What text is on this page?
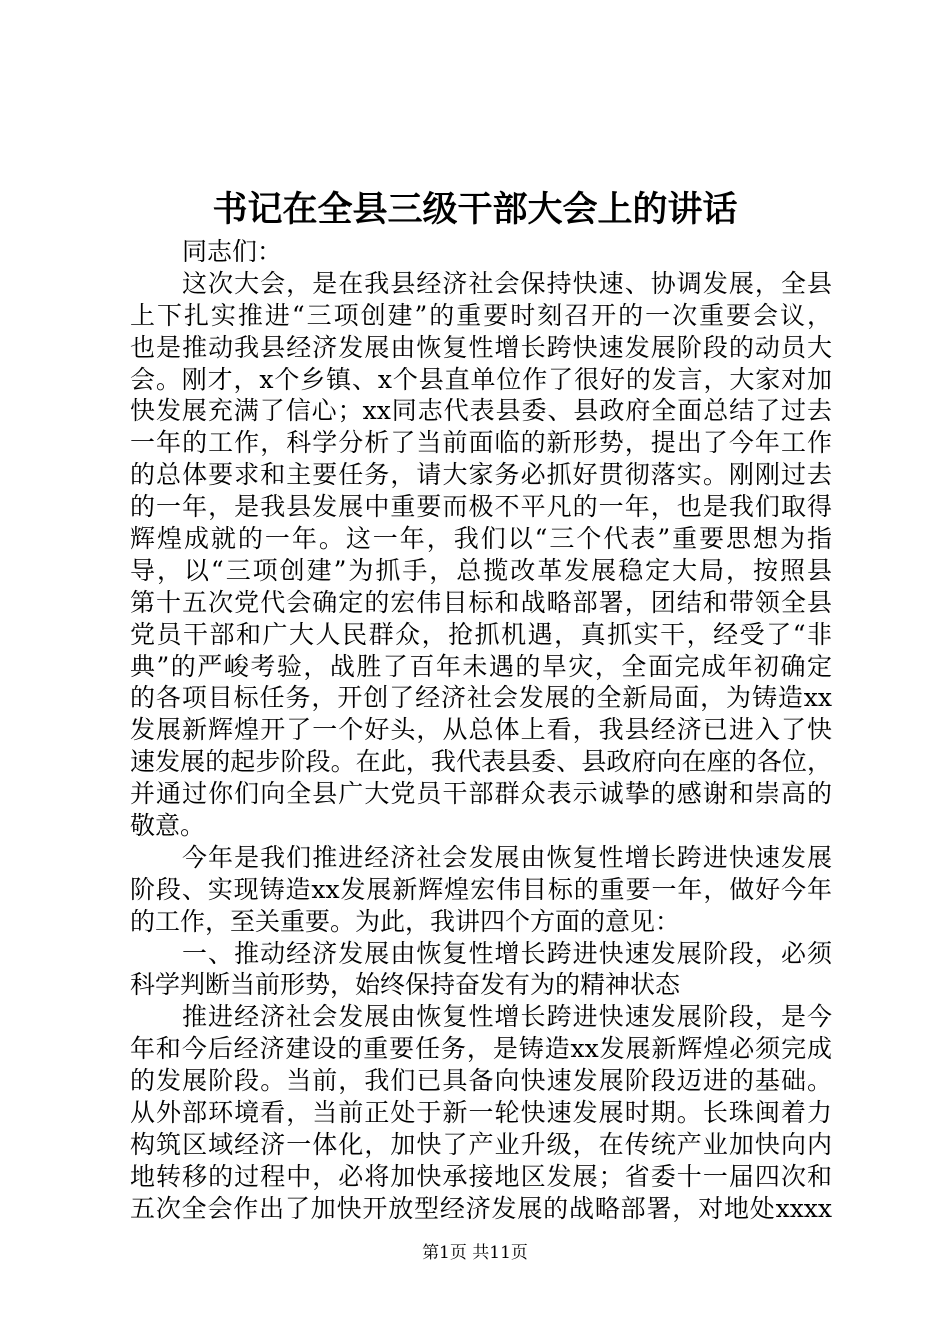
书记在全县三级干部大会上的讲话
同志们：
这次大会，是在我县经济社会保持快速、协调发展，全县
上下扎实推进“三项创建”的重要时刻召开的一次重要会议，
也是推动我县经济发展由恢复性增长跨快速发展阶段的动员大
会。刚才，x个乡镇、x个县直单位作了很好的发言，大家对加
快发展充满了信心；xx同志代表县委、县政府全面总结了过去
一年的工作，科学分析了当前面临的新形势，提出了今年工作
的总体要求和主要任务，请大家务必抓好贯彻落实。刚刚过去
的一年，是我县发展中重要而极不平凡的一年，也是我们取得
辉煌成就的一年。这一年，我们以“三个代表”重要思想为指
导，以“三项创建”为抓手，总揽改革发展稳定大局，按照县
第十五次党代会确定的宏伟目标和战略部署，团结和带领全县
党员干部和广大人民群众，抢抓机遇，真抓实干，经受了“非
典”的严峻考验，战胜了百年未遇的旱灾，全面完成年初确定
的各项目标任务，开创了经济社会发展的全新局面，为铸造xx
发展新辉煌开了一个好头，从总体上看，我县经济已进入了快
速发展的起步阶段。在此，我代表县委、县政府向在座的各位，
并通过你们向全县广大党员干部群众表示诚挚的感谢和崇高的
敬意。
今年是我们推进经济社会发展由恢复性增长跨进快速发展
阶段、实现铸造xx发展新辉煌宏伟目标的重要一年，做好今年
的工作，至关重要。为此，我讲四个方面的意见：
一、推动经济发展由恢复性增长跨进快速发展阶段，必须
科学判断当前形势，始终保持奋发有为的精神状态
推进经济社会发展由恢复性增长跨进快速发展阶段，是今
年和今后经济建设的重要任务，是铸造xx发展新辉煌必须完成
的发展阶段。当前，我们已具备向快速发展阶段迈进的基础。
从外部环境看，当前正处于新一轮快速发展时期。长珠闽着力
构筑区域经济一体化，加快了产业升级，在传统产业加快向内
地转移的过程中，必将加快承接地区发展；省委十一届四次和
五次全会作出了加快开放型经济发展的战略部署，对地处xxxx
第1页 共11页
